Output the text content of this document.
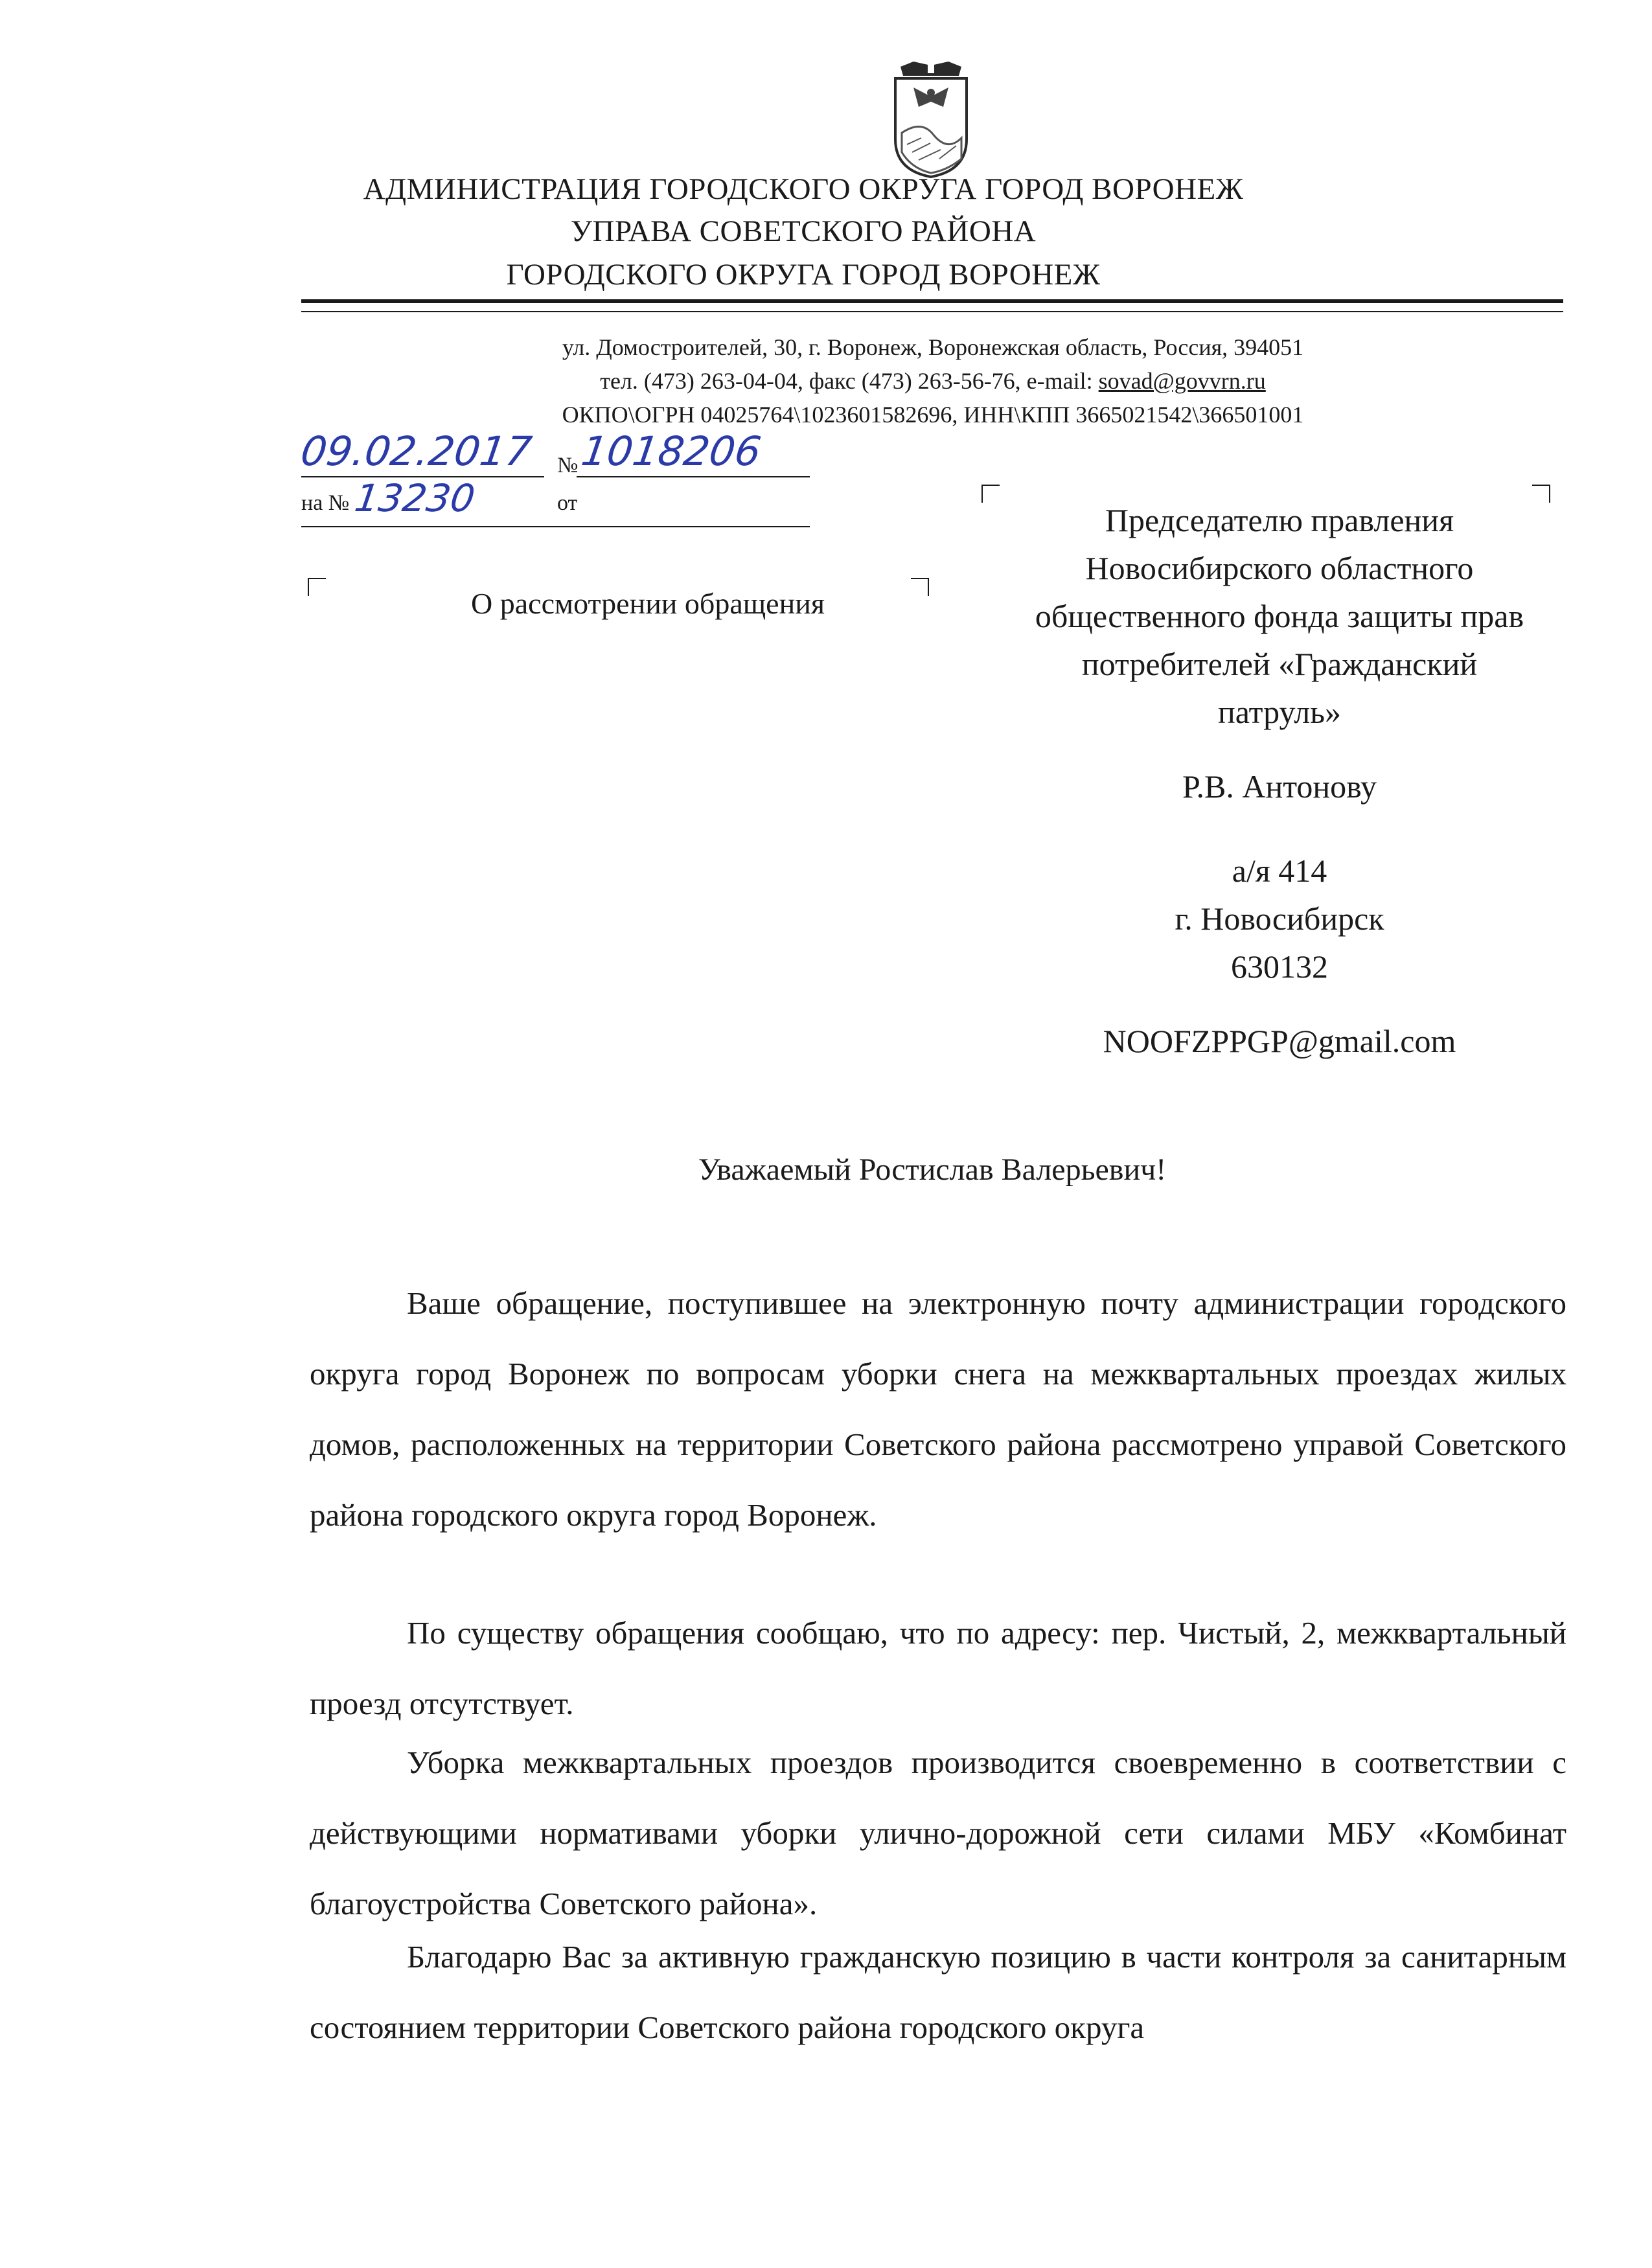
АДМИНИСТРАЦИЯ ГОРОДСКОГО ОКРУГА ГОРОД ВОРОНЕЖ
УПРАВА СОВЕТСКОГО РАЙОНА
ГОРОДСКОГО ОКРУГА ГОРОД ВОРОНЕЖ
ул. Домостроителей, 30, г. Воронеж, Воронежская область, Россия, 394051
тел. (473) 263-04-04, факс (473) 263-56-76, e-mail: sovad@govvrn.ru
ОКПО\ОГРН 04025764\1023601582696, ИНН\КПП 3665021542\366501001
09.02.2017 № 1018206
на № 13230	от
О рассмотрении обращения
Председателю правления
Новосибирского областного
общественного фонда защиты прав
потребителей «Гражданский
патруль»
Р.В. Антонову
а/я 414
г. Новосибирск
630132
NOOFZPPGP@gmail.com
Уважаемый Ростислав Валерьевич!

Ваше обращение, поступившее на электронную почту администрации городского округа город Воронеж по вопросам уборки снега на межквартальных проездах жилых домов, расположенных на территории Советского района рассмотрено управой Советского района городского округа город Воронеж.

По существу обращения сообщаю, что по адресу: пер. Чистый, 2, межквартальный проезд отсутствует.

Уборка межквартальных проездов производится своевременно в соответствии с действующими нормативами уборки улично-дорожной сети силами МБУ «Комбинат благоустройства Советского района».

Благодарю Вас за активную гражданскую позицию в части контроля за санитарным состоянием территории Советского района городского округа
